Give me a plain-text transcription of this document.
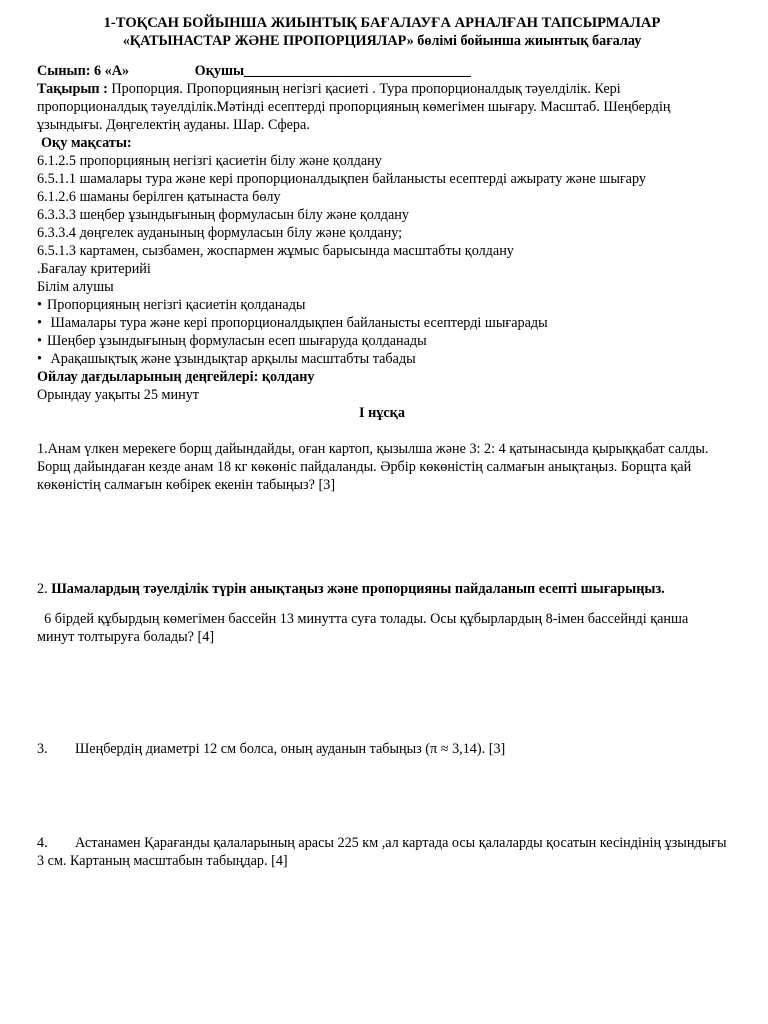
1-ТОҚСАН БОЙЫНША ЖИЫНТЫҚ БАҒАЛАУҒА АРНАЛҒАН ТАПСЫРМАЛАР

«ҚАТЫНАСТАР ЖӘНЕ ПРОПОРЦИЯЛАР» бөлімі бойынша жиынтық бағалау

Сынып: 6 «А»	Оқушы________________________________

Тақырып : Пропорция. Пропорцияның негізгі қасиеті . Тура пропорционалдық тәуелділік. Кері пропорционалдық тәуелділік.Мәтінді есептерді пропорцияның көмегімен шығару. Масштаб. Шеңбердің ұзындығы. Дөңгелектің ауданы. Шар. Сфера.

Оқу мақсаты:

6.1.2.5 пропорцияның негізгі қасиетін білу және қолдану

6.5.1.1 шамалары тура және кері пропорционалдықпен байланысты есептерді ажырату және шығару

6.1.2.6 шаманы берілген қатынаста бөлу

6.3.3.3 шеңбер ұзындығының формуласын білу және қолдану

6.3.3.4 дөңгелек ауданының формуласын білу және қолдану;

6.5.1.3 картамен, сызбамен, жоспармен жұмыс барысында масштабты қолдану

.Бағалау критерийі

Білім алушы

• Пропорцияның негізгі қасиетін қолданады

• Шамалары тура және кері пропорционалдықпен байланысты есептерді шығарады

• Шеңбер ұзындығының формуласын есеп шығаруда қолданады

• Арақашықтық және ұзындықтар арқылы масштабты табады

Ойлау дағдыларының деңгейлері: қолдану

Орындау уақыты 25 минут

I нұсқа

1.Анам үлкен мерекеге борщ дайындайды, оған картоп, қызылша және 3: 2: 4 қатынасында қырыққабат салды. Борщ дайындаған кезде анам 18 кг көкөніс пайдаланды. Әрбір көкөністің салмағын анықтаңыз. Борщта қай көкөністің салмағын көбірек екенін табыңыз? [3]

2. Шамалардың тәуелділік түрін анықтаңыз және пропорцияны пайдаланып есепті шығарыңыз.

6 бірдей құбырдың көмегімен бассейн 13 минутта суға толады. Осы құбырлардың 8-імен бассейнді қанша минут толтыруға болады? [4]

3. Шеңбердің диаметрі 12 см болса, оның ауданын табыңыз (π ≈ 3,14). [3]

4. Астанамен Қарағанды қалаларының арасы 225 км ,ал картада осы қалаларды қосатын кесіндінің ұзындығы 3 см. Картаның масштабын табыңдар. [4]
